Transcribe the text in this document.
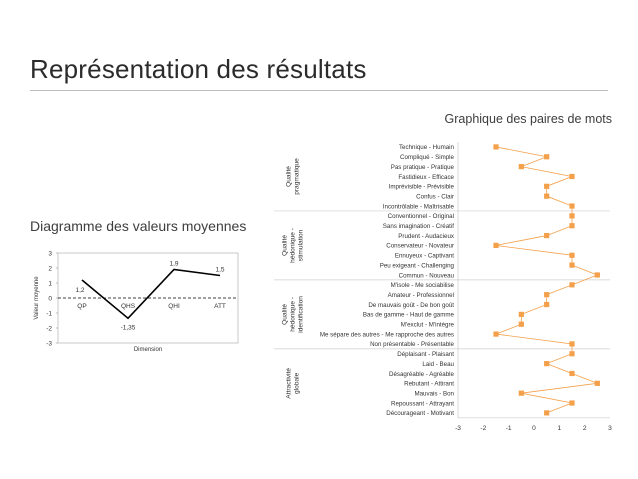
Représentation des résultats
Diagramme des valeurs moyennes
Graphique des paires de mots
3
2
1
0
-1
-2
-3
QP	QHS	QHI	ATT
1,2
-1,35
1,9
1,5
Dimension
Valeur moyenne
Qualité pragmatique
Qualité hédonique - stimulation
Qualité hédonique - identification
Attractivité globale
-3	-2	-1	0	1	2	3
Technique - Humain
Compliqué - Simple
Pas pratique - Pratique
Fastidieux - Efficace
Imprévisible - Prévisible
Confus - Clair
Incontrôlable - Maîtrisable
Conventionnel - Original
Sans imagination - Créatif
Prudent - Audacieux
Conservateur - Novateur
Ennuyeux - Captivant
Peu exigeant - Challenging
Commun - Nouveau
M'isole - Me sociabilise
Amateur - Professionnel
De mauvais goût - De bon goût
Bas de gamme - Haut de gamme
M'exclut - M'intègre
Me sépare des autres - Me rapproche des autres
Non présentable - Présentable
Déplaisant - Plaisant
Laid - Beau
Désagréable - Agréable
Rebutant - Attirant
Mauvais - Bon
Repoussant - Attrayant
Décourageant - Motivant
